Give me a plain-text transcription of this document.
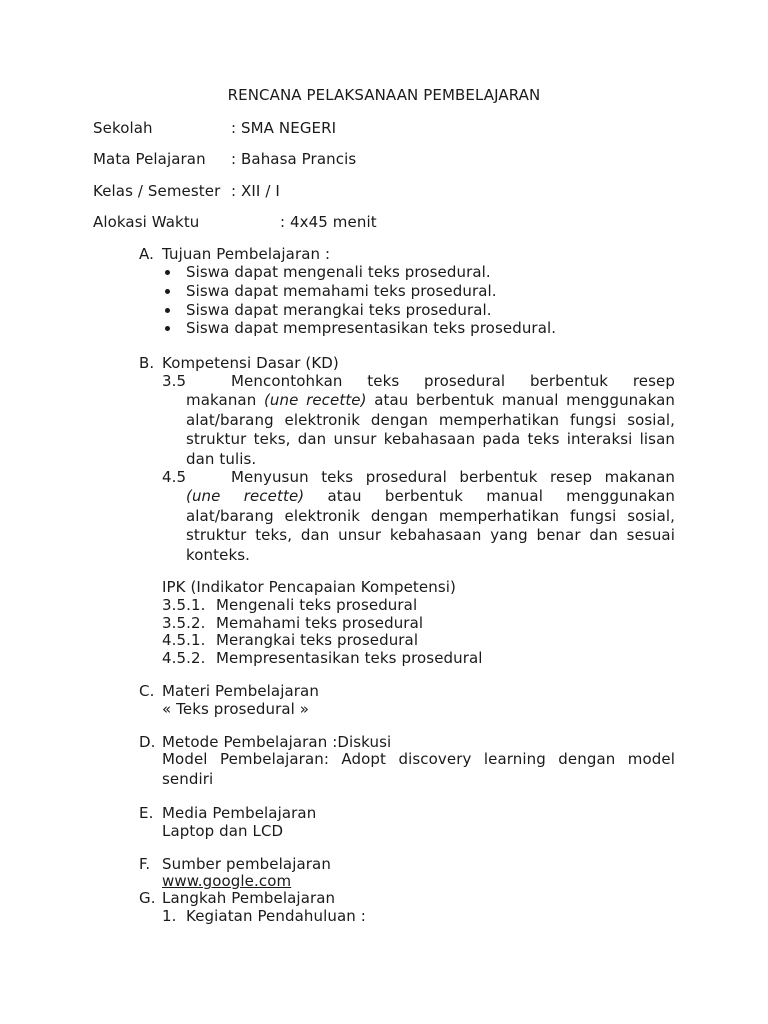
RENCANA PELAKSANAAN PEMBELAJARAN
Sekolah	: SMA NEGERI
Mata Pelajaran : Bahasa Prancis
Kelas / Semester : XII / I
Alokasi Waktu	: 4x45 menit
A. Tujuan Pembelajaran :
Siswa dapat mengenali teks prosedural.
Siswa dapat memahami teks prosedural.
Siswa dapat merangkai teks prosedural.
Siswa dapat mempresentasikan teks prosedural.
B. Kompetensi Dasar (KD)
3.5	Mencontohkan teks prosedural berbentuk resep
makanan (une recette) atau berbentuk manual menggunakan
alat/barang elektronik dengan memperhatikan fungsi sosial,
struktur teks, dan unsur kebahasaan pada teks interaksi lisan
dan tulis.
4.5	Menyusun teks prosedural berbentuk resep makanan
(une recette) atau berbentuk manual menggunakan
alat/barang elektronik dengan memperhatikan fungsi sosial,
struktur teks, dan unsur kebahasaan yang benar dan sesuai
konteks.
IPK (Indikator Pencapaian Kompetensi)
3.5.1. Mengenali teks prosedural
3.5.2. Memahami teks prosedural
4.5.1. Merangkai teks prosedural
4.5.2. Mempresentasikan teks prosedural
C. Materi Pembelajaran
« Teks prosedural »
D. Metode Pembelajaran :Diskusi
Model Pembelajaran: Adopt discovery learning dengan model
sendiri
E. Media Pembelajaran
Laptop dan LCD
F. Sumber pembelajaran
www.google.com
G. Langkah Pembelajaran
1. Kegiatan Pendahuluan :
